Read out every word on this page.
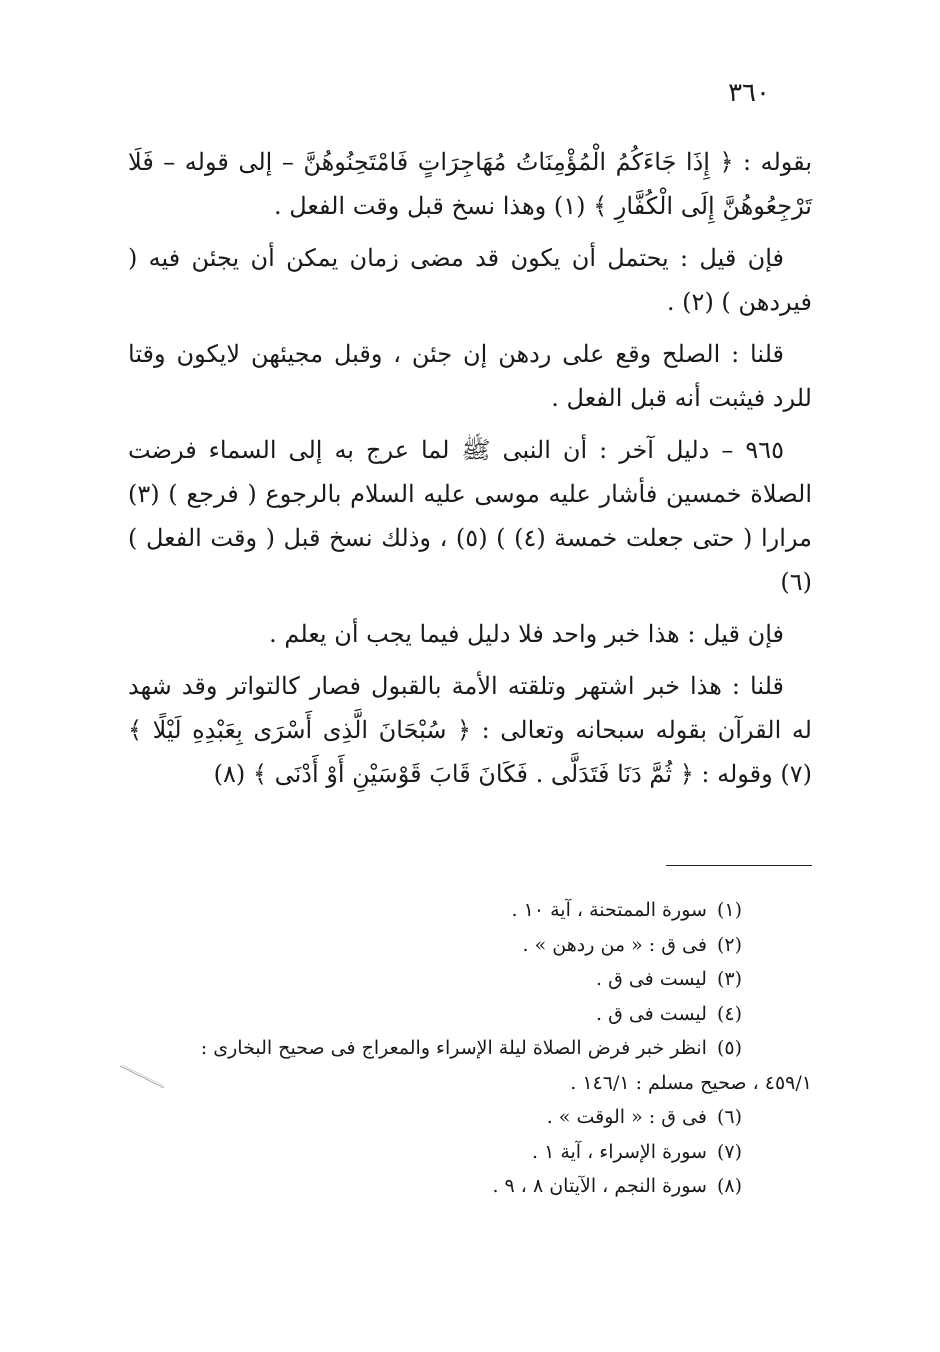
٣٦٠

بقوله : ﴿ إِذَا جَاءَكُمُ الْمُؤْمِنَاتُ مُهَاجِرَاتٍ فَامْتَحِنُوهُنَّ – إلى قوله – فَلَا تَرْجِعُوهُنَّ إِلَى الْكُفَّارِ ﴾ (١) وهذا نسخ قبل وقت الفعل .

فإن قيل : يحتمل أن يكون قد مضى زمان يمكن أن يجئن فيه ( فيردهن ) (٢) .

قلنا : الصلح وقع على ردهن إن جئن ، وقبل مجيئهن لايكون وقتا للرد فيثبت أنه قبل الفعل .

٩٦٥ – دليل آخر : أن النبى ﷺ لما عرج به إلى السماء فرضت الصلاة خمسين فأشار عليه موسى عليه السلام بالرجوع ( فرجع ) (٣) مرارا ( حتى جعلت خمسة (٤) ) (٥) ، وذلك نسخ قبل ( وقت الفعل ) (٦)

فإن قيل : هذا خبر واحد فلا دليل فيما يجب أن يعلم .

قلنا : هذا خبر اشتهر وتلقته الأمة بالقبول فصار كالتواتر وقد شهد له القرآن بقوله سبحانه وتعالى : ﴿ سُبْحَانَ الَّذِى أَسْرَى بِعَبْدِهِ لَيْلًا ﴾ (٧) وقوله : ﴿ ثُمَّ دَنَا فَتَدَلَّى . فَكَانَ قَابَ قَوْسَيْنِ أَوْ أَدْنَى ﴾ (٨)

(١)سورة الممتحنة ، آية ١٠ .

(٢)فى ق : « من ردهن » .

(٣)ليست فى ق .

(٤)ليست فى ق .

(٥)انظر خبر فرض الصلاة ليلة الإسراء والمعراج فى صحيح البخارى :

٤٥٩/١ ، صحيح مسلم : ١٤٦/١ .

(٦)فى ق : « الوقت » .

(٧)سورة الإسراء ، آية ١ .

(٨)سورة النجم ، الآيتان ٨ ، ٩ .
